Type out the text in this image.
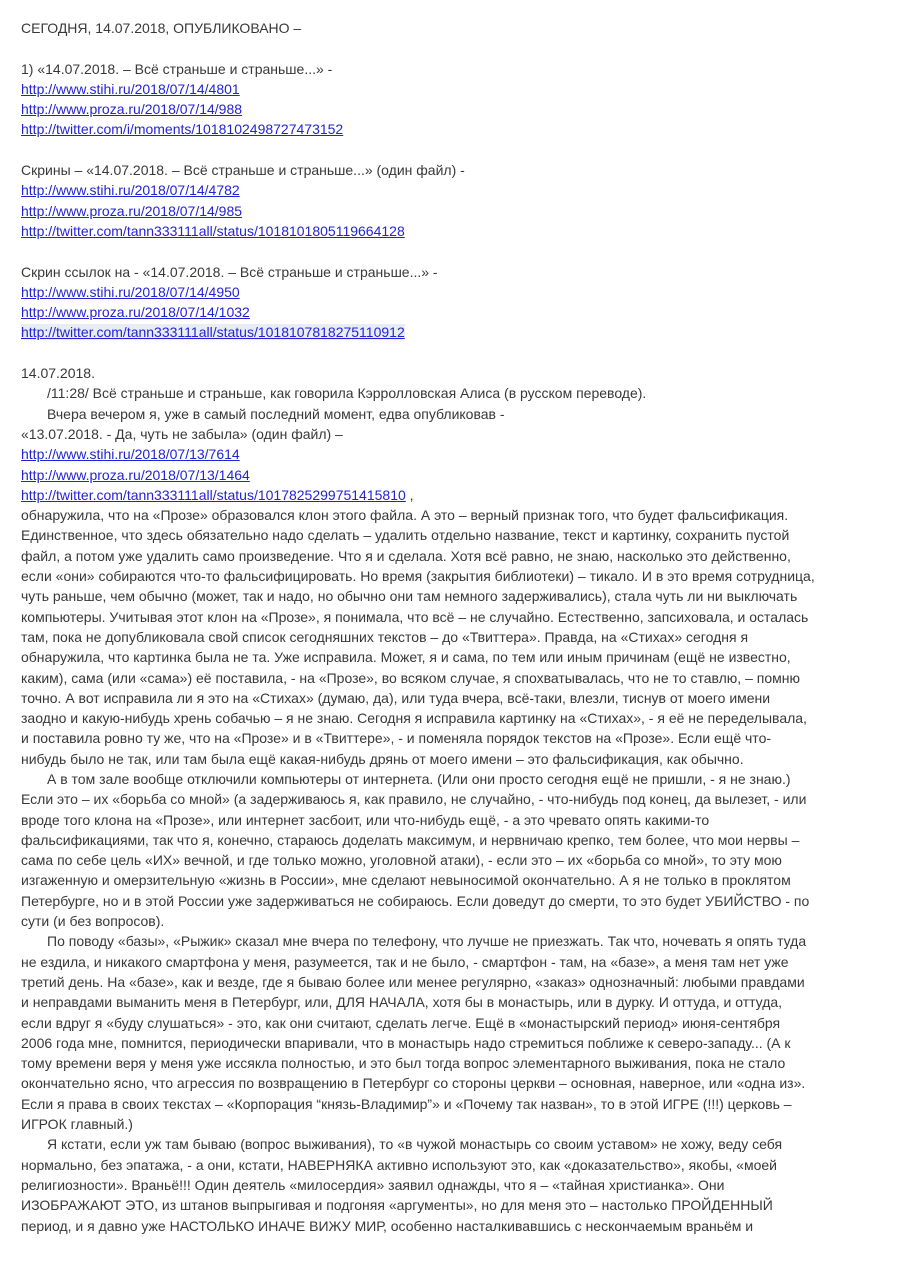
СЕГОДНЯ, 14.07.2018, ОПУБЛИКОВАНО –
1) «14.07.2018. – Всё страньше и страньше...» -
http://www.stihi.ru/2018/07/14/4801
http://www.proza.ru/2018/07/14/988
http://twitter.com/i/moments/1018102498727473152
Скрины – «14.07.2018. – Всё страньше и страньше...» (один файл) -
http://www.stihi.ru/2018/07/14/4782
http://www.proza.ru/2018/07/14/985
http://twitter.com/tann333111all/status/1018101805119664128
Скрин ссылок на - «14.07.2018. – Всё страньше и страньше...» -
http://www.stihi.ru/2018/07/14/4950
http://www.proza.ru/2018/07/14/1032
http://twitter.com/tann333111all/status/1018107818275110912
14.07.2018.
/11:28/ Всё страньше и страньше, как говорила Кэрролловская Алиса (в русском переводе).
Вчера вечером я, уже в самый последний момент, едва опубликовав -
«13.07.2018. - Да, чуть не забыла» (один файл) –
http://www.stihi.ru/2018/07/13/7614
http://www.proza.ru/2018/07/13/1464
http://twitter.com/tann333111all/status/1017825299751415810 ,
обнаружила, что на «Прозе» образовался клон этого файла. А это – верный признак того, что будет фальсификация.
Единственное, что здесь обязательно надо сделать – удалить отдельно название, текст и картинку, сохранить пустой
файл, а потом уже удалить само произведение. Что я и сделала. Хотя всё равно, не знаю, насколько это действенно,
если «они» собираются что-то фальсифицировать. Но время (закрытия библиотеки) – тикало. И в это время сотрудница,
чуть раньше, чем обычно (может, так и надо, но обычно они там немного задерживались), стала чуть ли ни выключать
компьютеры. Учитывая этот клон на «Прозе», я понимала, что всё – не случайно. Естественно, запсиховала, и осталась
там, пока не допубликовала свой список сегодняшних текстов – до «Твиттера». Правда, на «Стихах» сегодня я
обнаружила, что картинка была не та. Уже исправила. Может, я и сама, по тем или иным причинам (ещё не известно,
каким), сама (или «сама») её поставила, - на «Прозе», во всяком случае, я спохватывалась, что не то ставлю, – помню
точно. А вот исправила ли я это на «Стихах» (думаю, да), или туда вчера, всё-таки, влезли, тиснув от моего имени
заодно и какую-нибудь хрень собачью – я не знаю. Сегодня я исправила картинку на «Стихах», - я её не переделывала,
и поставила ровно ту же, что на «Прозе» и в «Твиттере», - и поменяла порядок текстов на «Прозе». Если ещё что-
нибудь было не так, или там была ещё какая-нибудь дрянь от моего имени – это фальсификация, как обычно.
А в том зале вообще отключили компьютеры от интернета. (Или они просто сегодня ещё не пришли, - я не знаю.)
Если это – их «борьба со мной» (а задерживаюсь я, как правило, не случайно, - что-нибудь под конец, да вылезет, - или
вроде того клона на «Прозе», или интернет засбоит, или что-нибудь ещё, - а это чревато опять какими-то
фальсификациями, так что я, конечно, стараюсь доделать максимум, и нервничаю крепко, тем более, что мои нервы –
сама по себе цель «ИХ» вечной, и где только можно, уголовной атаки), - если это – их «борьба со мной», то эту мою
изгаженную и омерзительную «жизнь в России», мне сделают невыносимой окончательно. А я не только в проклятом
Петербурге, но и в этой России уже задерживаться не собираюсь. Если доведут до смерти, то это будет УБИЙСТВО - по
сути (и без вопросов).
По поводу «базы», «Рыжик» сказал мне вчера по телефону, что лучше не приезжать. Так что, ночевать я опять туда
не ездила, и никакого смартфона у меня, разумеется, так и не было, - смартфон - там, на «базе», а меня там нет уже
третий день. На «базе», как и везде, где я бываю более или менее регулярно, «заказ» однозначный: любыми правдами
и неправдами выманить меня в Петербург, или, ДЛЯ НАЧАЛА, хотя бы в монастырь, или в дурку. И оттуда, и оттуда,
если вдруг я «буду слушаться» - это, как они считают, сделать легче. Ещё в «монастырский период» июня-сентября
2006 года мне, помнится, периодически впаривали, что в монастырь надо стремиться поближе к северо-западу... (А к
тому времени веря у меня уже иссякла полностью, и это был тогда вопрос элементарного выживания, пока не стало
окончательно ясно, что агрессия по возвращению в Петербург со стороны церкви – основная, наверное, или «одна из».
Если я права в своих текстах – «Корпорация “князь-Владимир”» и «Почему так назван», то в этой ИГРЕ (!!!) церковь –
ИГРОК главный.)
Я кстати, если уж там бываю (вопрос выживания), то «в чужой монастырь со своим уставом» не хожу, веду себя
нормально, без эпатажа, - а они, кстати, НАВЕРНЯКА активно используют это, как «доказательство», якобы, «моей
религиозности». Враньё!!! Один деятель «милосердия» заявил однажды, что я – «тайная христианка». Они
ИЗОБРАЖАЮТ ЭТО, из штанов выпрыгивая и подгоняя «аргументы», но для меня это – настолько ПРОЙДЕННЫЙ
период, и я давно уже НАСТОЛЬКО ИНАЧЕ ВИЖУ МИР, особенно насталкивавшись с нескончаемым враньём и
